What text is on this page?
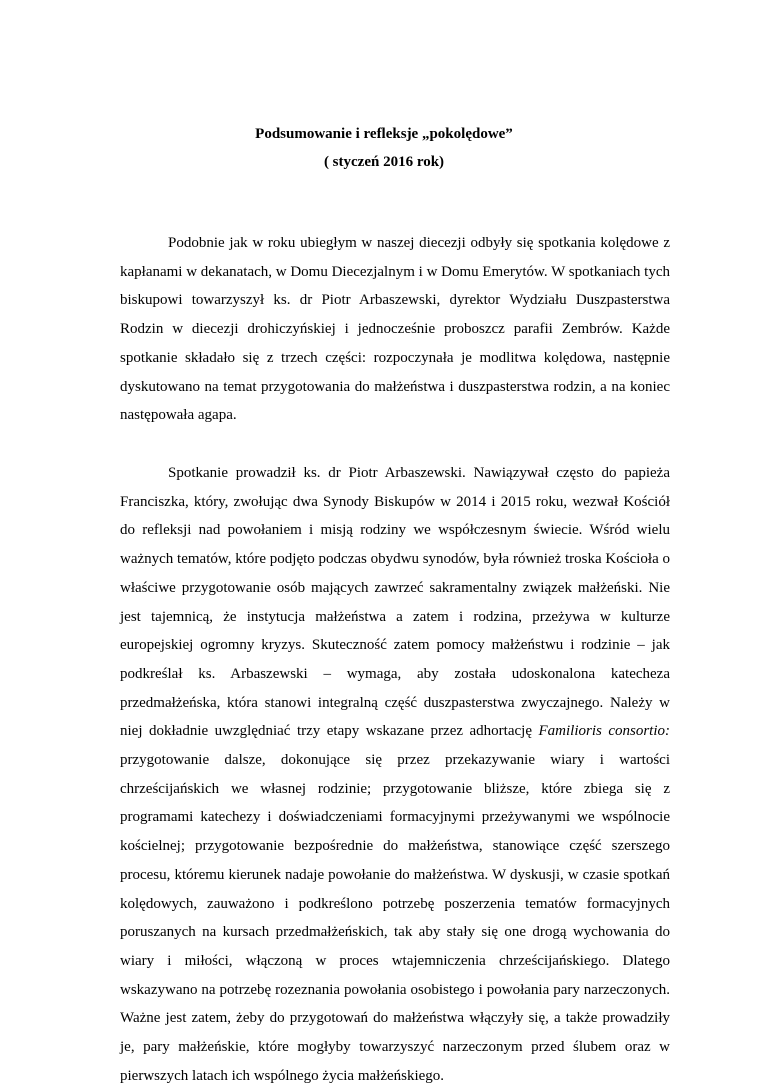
Podsumowanie i refleksje „pokolędowe”
( styczeń 2016 rok)

Podobnie jak w roku ubiegłym w naszej diecezji odbyły się spotkania kolędowe z kapłanami w dekanatach, w Domu Diecezjalnym i w Domu Emerytów. W spotkaniach tych biskupowi towarzyszył ks. dr Piotr Arbaszewski, dyrektor Wydziału Duszpasterstwa Rodzin w diecezji drohiczyńskiej i jednocześnie proboszcz parafii Zembrów. Każde spotkanie składało się z trzech części: rozpoczynała je modlitwa kolędowa, następnie dyskutowano na temat przygotowania do małżeństwa i duszpasterstwa rodzin, a na koniec następowała agapa.

Spotkanie prowadził ks. dr Piotr Arbaszewski. Nawiązywał często do papieża Franciszka, który, zwołując dwa Synody Biskupów w 2014 i 2015 roku, wezwał Kościół do refleksji nad powołaniem i misją rodziny we współczesnym świecie. Wśród wielu ważnych tematów, które podjęto podczas obydwu synodów, była również troska Kościoła o właściwe przygotowanie osób mających zawrzeć sakramentalny związek małżeński. Nie jest tajemnicą, że instytucja małżeństwa a zatem i rodzina, przeżywa w kulturze europejskiej ogromny kryzys. Skuteczność zatem pomocy małżeństwu i rodzinie – jak podkreślał ks. Arbaszewski – wymaga, aby została udoskonalona katecheza przedmałżeńska, która stanowi integralną część duszpasterstwa zwyczajnego. Należy w niej dokładnie uwzględniać trzy etapy wskazane przez adhortację Familioris consortio: przygotowanie dalsze, dokonujące się przez przekazywanie wiary i wartości chrześcijańskich we własnej rodzinie; przygotowanie bliższe, które zbiega się z programami katechezy i doświadczeniami formacyjnymi przeżywanymi we wspólnocie kościelnej; przygotowanie bezpośrednie do małżeństwa, stanowiące część szerszego procesu, któremu kierunek nadaje powołanie do małżeństwa. W dyskusji, w czasie spotkań kolędowych, zauważono i podkreślono potrzebę poszerzenia tematów formacyjnych poruszanych na kursach przedmałżeńskich, tak aby stały się one drogą wychowania do wiary i miłości, włączoną w proces wtajemniczenia chrześcijańskiego. Dlatego wskazywano na potrzebę rozeznania powołania osobistego i powołania pary narzeczonych. Ważne jest zatem, żeby do przygotowań do małżeństwa włączyły się, a także prowadziły je, pary małżeńskie, które mogłyby towarzyszyć narzeczonym przed ślubem oraz w pierwszych latach ich wspólnego życia małżeńskiego.
